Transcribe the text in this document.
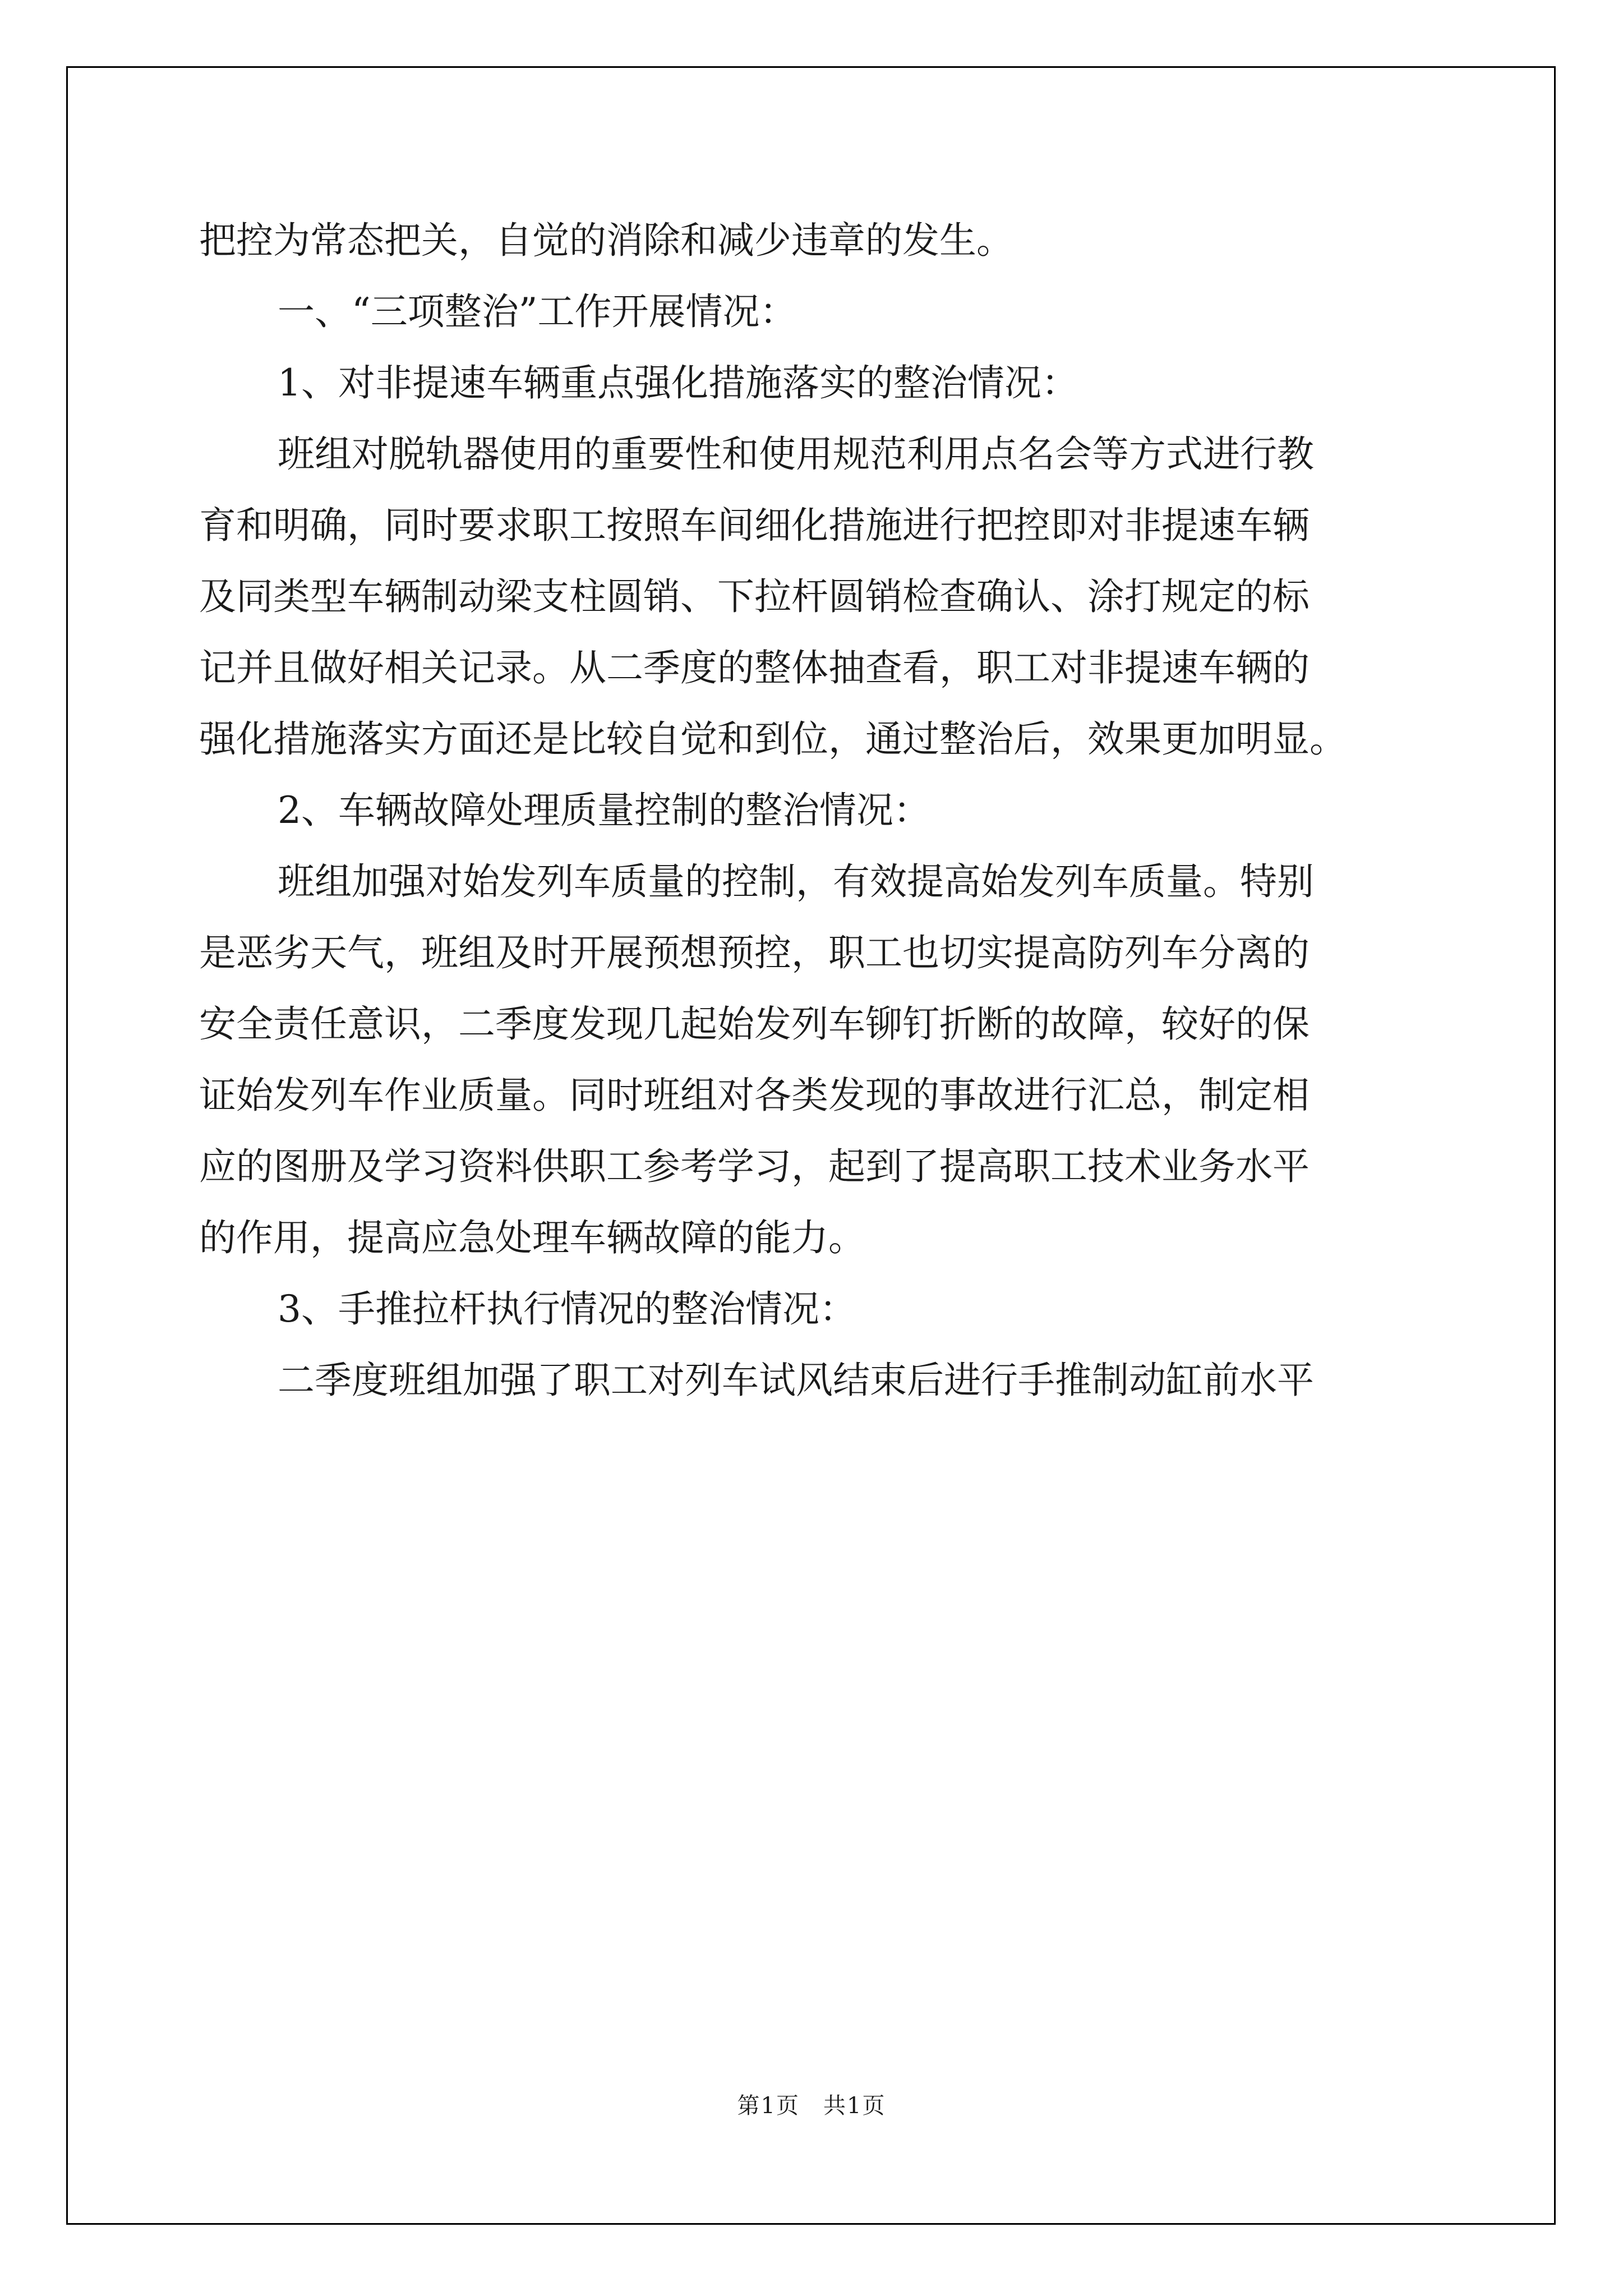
把控为常态把关，自觉的消除和减少违章的发生。
一、“三项整治”工作开展情况：
1、对非提速车辆重点强化措施落实的整治情况：
班组对脱轨器使用的重要性和使用规范利用点名会等方式进行教
育和明确，同时要求职工按照车间细化措施进行把控即对非提速车辆
及同类型车辆制动梁支柱圆销、下拉杆圆销检查确认、涂打规定的标
记并且做好相关记录。从二季度的整体抽查看，职工对非提速车辆的
强化措施落实方面还是比较自觉和到位，通过整治后，效果更加明显。
2、车辆故障处理质量控制的整治情况：
班组加强对始发列车质量的控制，有效提高始发列车质量。特别
是恶劣天气，班组及时开展预想预控，职工也切实提高防列车分离的
安全责任意识，二季度发现几起始发列车铆钉折断的故障，较好的保
证始发列车作业质量。同时班组对各类发现的事故进行汇总，制定相
应的图册及学习资料供职工参考学习，起到了提高职工技术业务水平
的作用，提高应急处理车辆故障的能力。
3、手推拉杆执行情况的整治情况：
二季度班组加强了职工对列车试风结束后进行手推制动缸前水平
第1页　共1页
